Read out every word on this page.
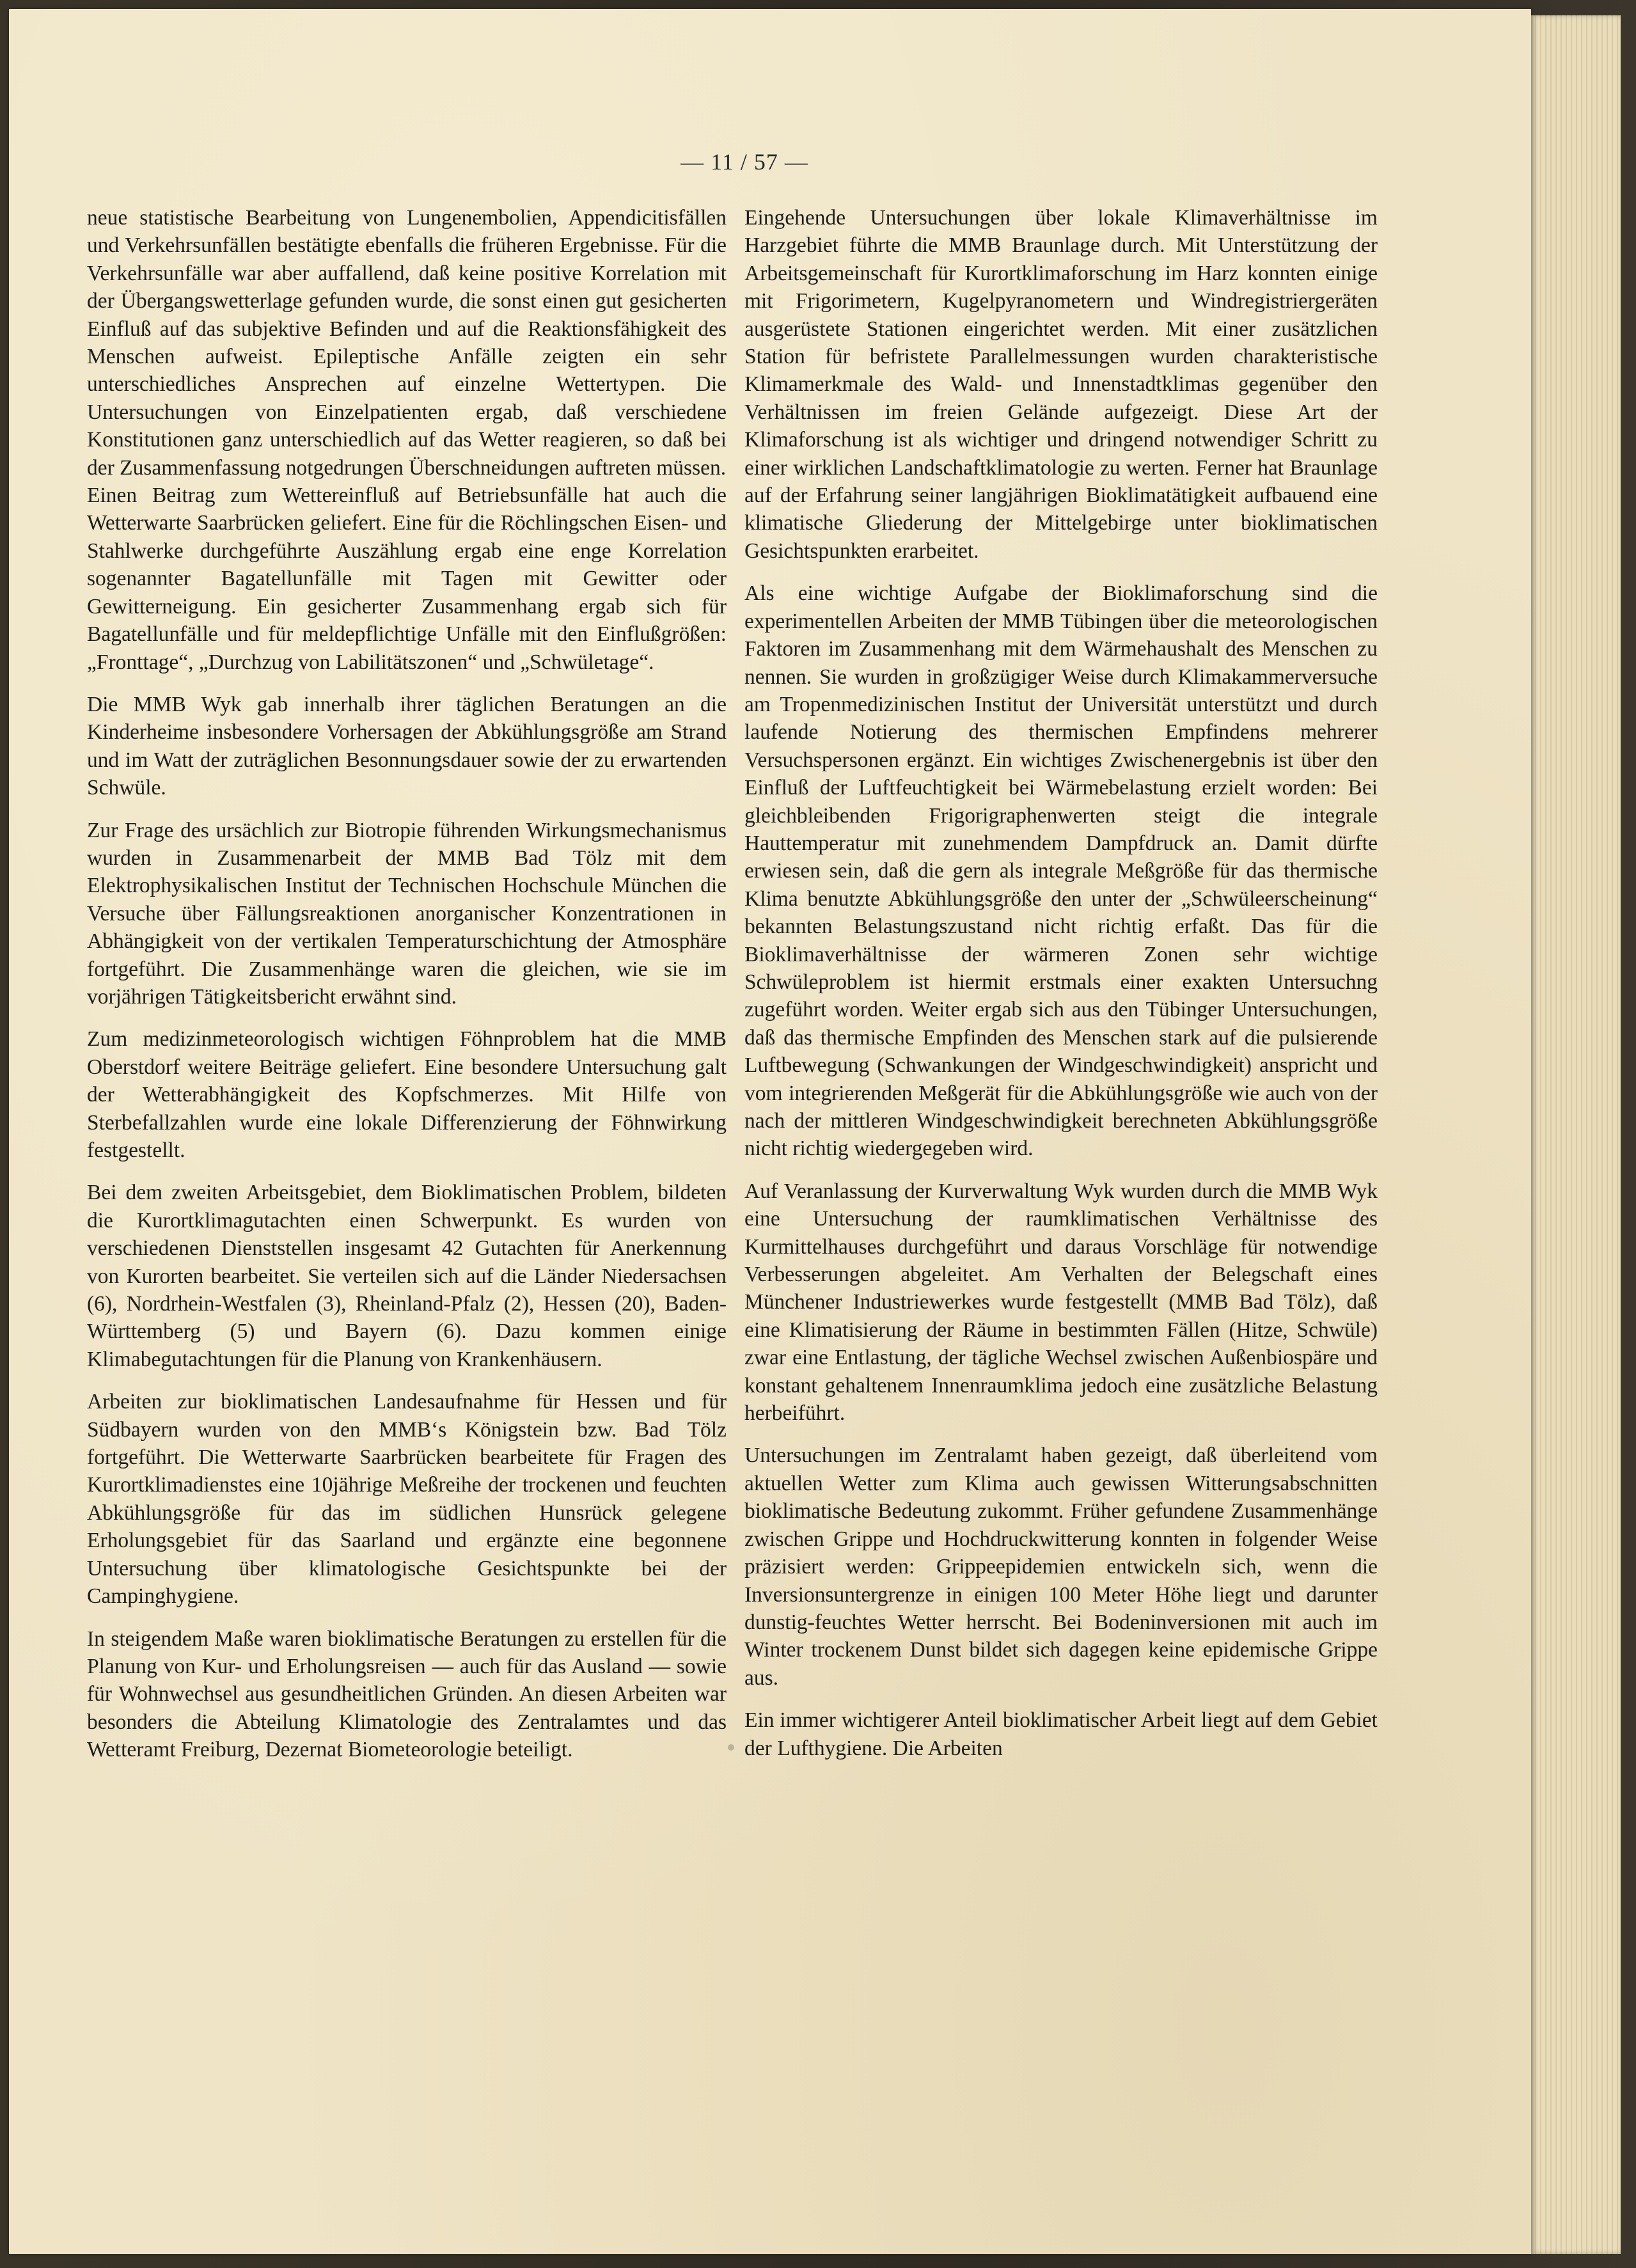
— 11 / 57 —

neue statistische Bearbeitung von Lungenembolien, Appendicitisfällen und Verkehrsunfällen bestätigte ebenfalls die früheren Ergebnisse. Für die Verkehrsunfälle war aber auffallend, daß keine positive Korrelation mit der Übergangswetterlage gefunden wurde, die sonst einen gut gesicherten Einfluß auf das subjektive Befinden und auf die Reaktionsfähigkeit des Menschen aufweist. Epileptische Anfälle zeigten ein sehr unterschiedliches Ansprechen auf einzelne Wettertypen. Die Untersuchungen von Einzelpatienten ergab, daß verschiedene Konstitutionen ganz unterschiedlich auf das Wetter reagieren, so daß bei der Zusammenfassung notgedrungen Überschneidungen auftreten müssen.

Einen Beitrag zum Wettereinfluß auf Betriebsunfälle hat auch die Wetterwarte Saarbrücken geliefert. Eine für die Röchlingschen Eisen- und Stahlwerke durchgeführte Auszählung ergab eine enge Korrelation sogenannter Bagatellunfälle mit Tagen mit Gewitter oder Gewitterneigung. Ein gesicherter Zusammenhang ergab sich für Bagatellunfälle und für meldepflichtige Unfälle mit den Einflußgrößen: „Fronttage“, „Durchzug von Labilitätszonen“ und „Schwületage“.

Die MMB Wyk gab innerhalb ihrer täglichen Beratungen an die Kinderheime insbesondere Vorhersagen der Abkühlungsgröße am Strand und im Watt der zuträglichen Besonnungsdauer sowie der zu erwartenden Schwüle.

Zur Frage des ursächlich zur Biotropie führenden Wirkungsmechanismus wurden in Zusammenarbeit der MMB Bad Tölz mit dem Elektrophysikalischen Institut der Technischen Hochschule München die Versuche über Fällungsreaktionen anorganischer Konzentrationen in Abhängigkeit von der vertikalen Temperaturschichtung der Atmosphäre fortgeführt. Die Zusammenhänge waren die gleichen, wie sie im vorjährigen Tätigkeitsbericht erwähnt sind.

Zum medizinmeteorologisch wichtigen Föhnproblem hat die MMB Oberstdorf weitere Beiträge geliefert. Eine besondere Untersuchung galt der Wetterabhängigkeit des Kopfschmerzes. Mit Hilfe von Sterbefallzahlen wurde eine lokale Differenzierung der Föhnwirkung festgestellt.

Bei dem zweiten Arbeitsgebiet, dem Bioklimatischen Problem, bildeten die Kurortklimagutachten einen Schwerpunkt. Es wurden von verschiedenen Dienststellen insgesamt 42 Gutachten für Anerkennung von Kurorten bearbeitet. Sie verteilen sich auf die Länder Niedersachsen (6), Nordrhein-Westfalen (3), Rheinland-Pfalz (2), Hessen (20), Baden-Württemberg (5) und Bayern (6). Dazu kommen einige Klimabegutachtungen für die Planung von Krankenhäusern.

Arbeiten zur bioklimatischen Landesaufnahme für Hessen und für Südbayern wurden von den MMB‘s Königstein bzw. Bad Tölz fortgeführt. Die Wetterwarte Saarbrücken bearbeitete für Fragen des Kurortklimadienstes eine 10jährige Meßreihe der trockenen und feuchten Abkühlungsgröße für das im südlichen Hunsrück gelegene Erholungsgebiet für das Saarland und ergänzte eine begonnene Untersuchung über klimatologische Gesichtspunkte bei der Campinghygiene.

In steigendem Maße waren bioklimatische Beratungen zu erstellen für die Planung von Kur- und Erholungsreisen — auch für das Ausland — sowie für Wohnwechsel aus gesundheitlichen Gründen. An diesen Arbeiten war besonders die Abteilung Klimatologie des Zentralamtes und das Wetteramt Freiburg, Dezernat Biometeorologie beteiligt.

Eingehende Untersuchungen über lokale Klimaverhältnisse im Harzgebiet führte die MMB Braunlage durch. Mit Unterstützung der Arbeitsgemeinschaft für Kurortklimaforschung im Harz konnten einige mit Frigorimetern, Kugelpyranometern und Windregistriergeräten ausgerüstete Stationen eingerichtet werden. Mit einer zusätzlichen Station für befristete Parallelmessungen wurden charakteristische Klimamerkmale des Wald- und Innenstadtklimas gegenüber den Verhältnissen im freien Gelände aufgezeigt. Diese Art der Klimaforschung ist als wichtiger und dringend notwendiger Schritt zu einer wirklichen Landschaftklimatologie zu werten. Ferner hat Braunlage auf der Erfahrung seiner langjährigen Bioklimatätigkeit aufbauend eine klimatische Gliederung der Mittelgebirge unter bioklimatischen Gesichtspunkten erarbeitet.

Als eine wichtige Aufgabe der Bioklimaforschung sind die experimentellen Arbeiten der MMB Tübingen über die meteorologischen Faktoren im Zusammenhang mit dem Wärmehaushalt des Menschen zu nennen. Sie wurden in großzügiger Weise durch Klimakammerversuche am Tropenmedizinischen Institut der Universität unterstützt und durch laufende Notierung des thermischen Empfindens mehrerer Versuchspersonen ergänzt. Ein wichtiges Zwischenergebnis ist über den Einfluß der Luftfeuchtigkeit bei Wärmebelastung erzielt worden: Bei gleichbleibenden Frigorigraphenwerten steigt die integrale Hauttemperatur mit zunehmendem Dampfdruck an. Damit dürfte erwiesen sein, daß die gern als integrale Meßgröße für das thermische Klima benutzte Abkühlungsgröße den unter der „Schwüleerscheinung“ bekannten Belastungszustand nicht richtig erfaßt. Das für die Bioklimaverhältnisse der wärmeren Zonen sehr wichtige Schwüleproblem ist hiermit erstmals einer exakten Untersuchng zugeführt worden. Weiter ergab sich aus den Tübinger Untersuchungen, daß das thermische Empfinden des Menschen stark auf die pulsierende Luftbewegung (Schwankungen der Windgeschwindigkeit) anspricht und vom integrierenden Meßgerät für die Abkühlungsgröße wie auch von der nach der mittleren Windgeschwindigkeit berechneten Abkühlungsgröße nicht richtig wiedergegeben wird.

Auf Veranlassung der Kurverwaltung Wyk wurden durch die MMB Wyk eine Untersuchung der raumklimatischen Verhältnisse des Kurmittelhauses durchgeführt und daraus Vorschläge für notwendige Verbesserungen abgeleitet. Am Verhalten der Belegschaft eines Münchener Industriewerkes wurde festgestellt (MMB Bad Tölz), daß eine Klimatisierung der Räume in bestimmten Fällen (Hitze, Schwüle) zwar eine Entlastung, der tägliche Wechsel zwischen Außenbiospäre und konstant gehaltenem Innenraumklima jedoch eine zusätzliche Belastung herbeiführt.

Untersuchungen im Zentralamt haben gezeigt, daß überleitend vom aktuellen Wetter zum Klima auch gewissen Witterungsabschnitten bioklimatische Bedeutung zukommt. Früher gefundene Zusammenhänge zwischen Grippe und Hochdruckwitterung konnten in folgender Weise präzisiert werden: Grippeepidemien entwickeln sich, wenn die Inversionsuntergrenze in einigen 100 Meter Höhe liegt und darunter dunstig-feuchtes Wetter herrscht. Bei Bodeninversionen mit auch im Winter trockenem Dunst bildet sich dagegen keine epidemische Grippe aus.

Ein immer wichtigerer Anteil bioklimatischer Arbeit liegt auf dem Gebiet der Lufthygiene. Die Arbeiten
